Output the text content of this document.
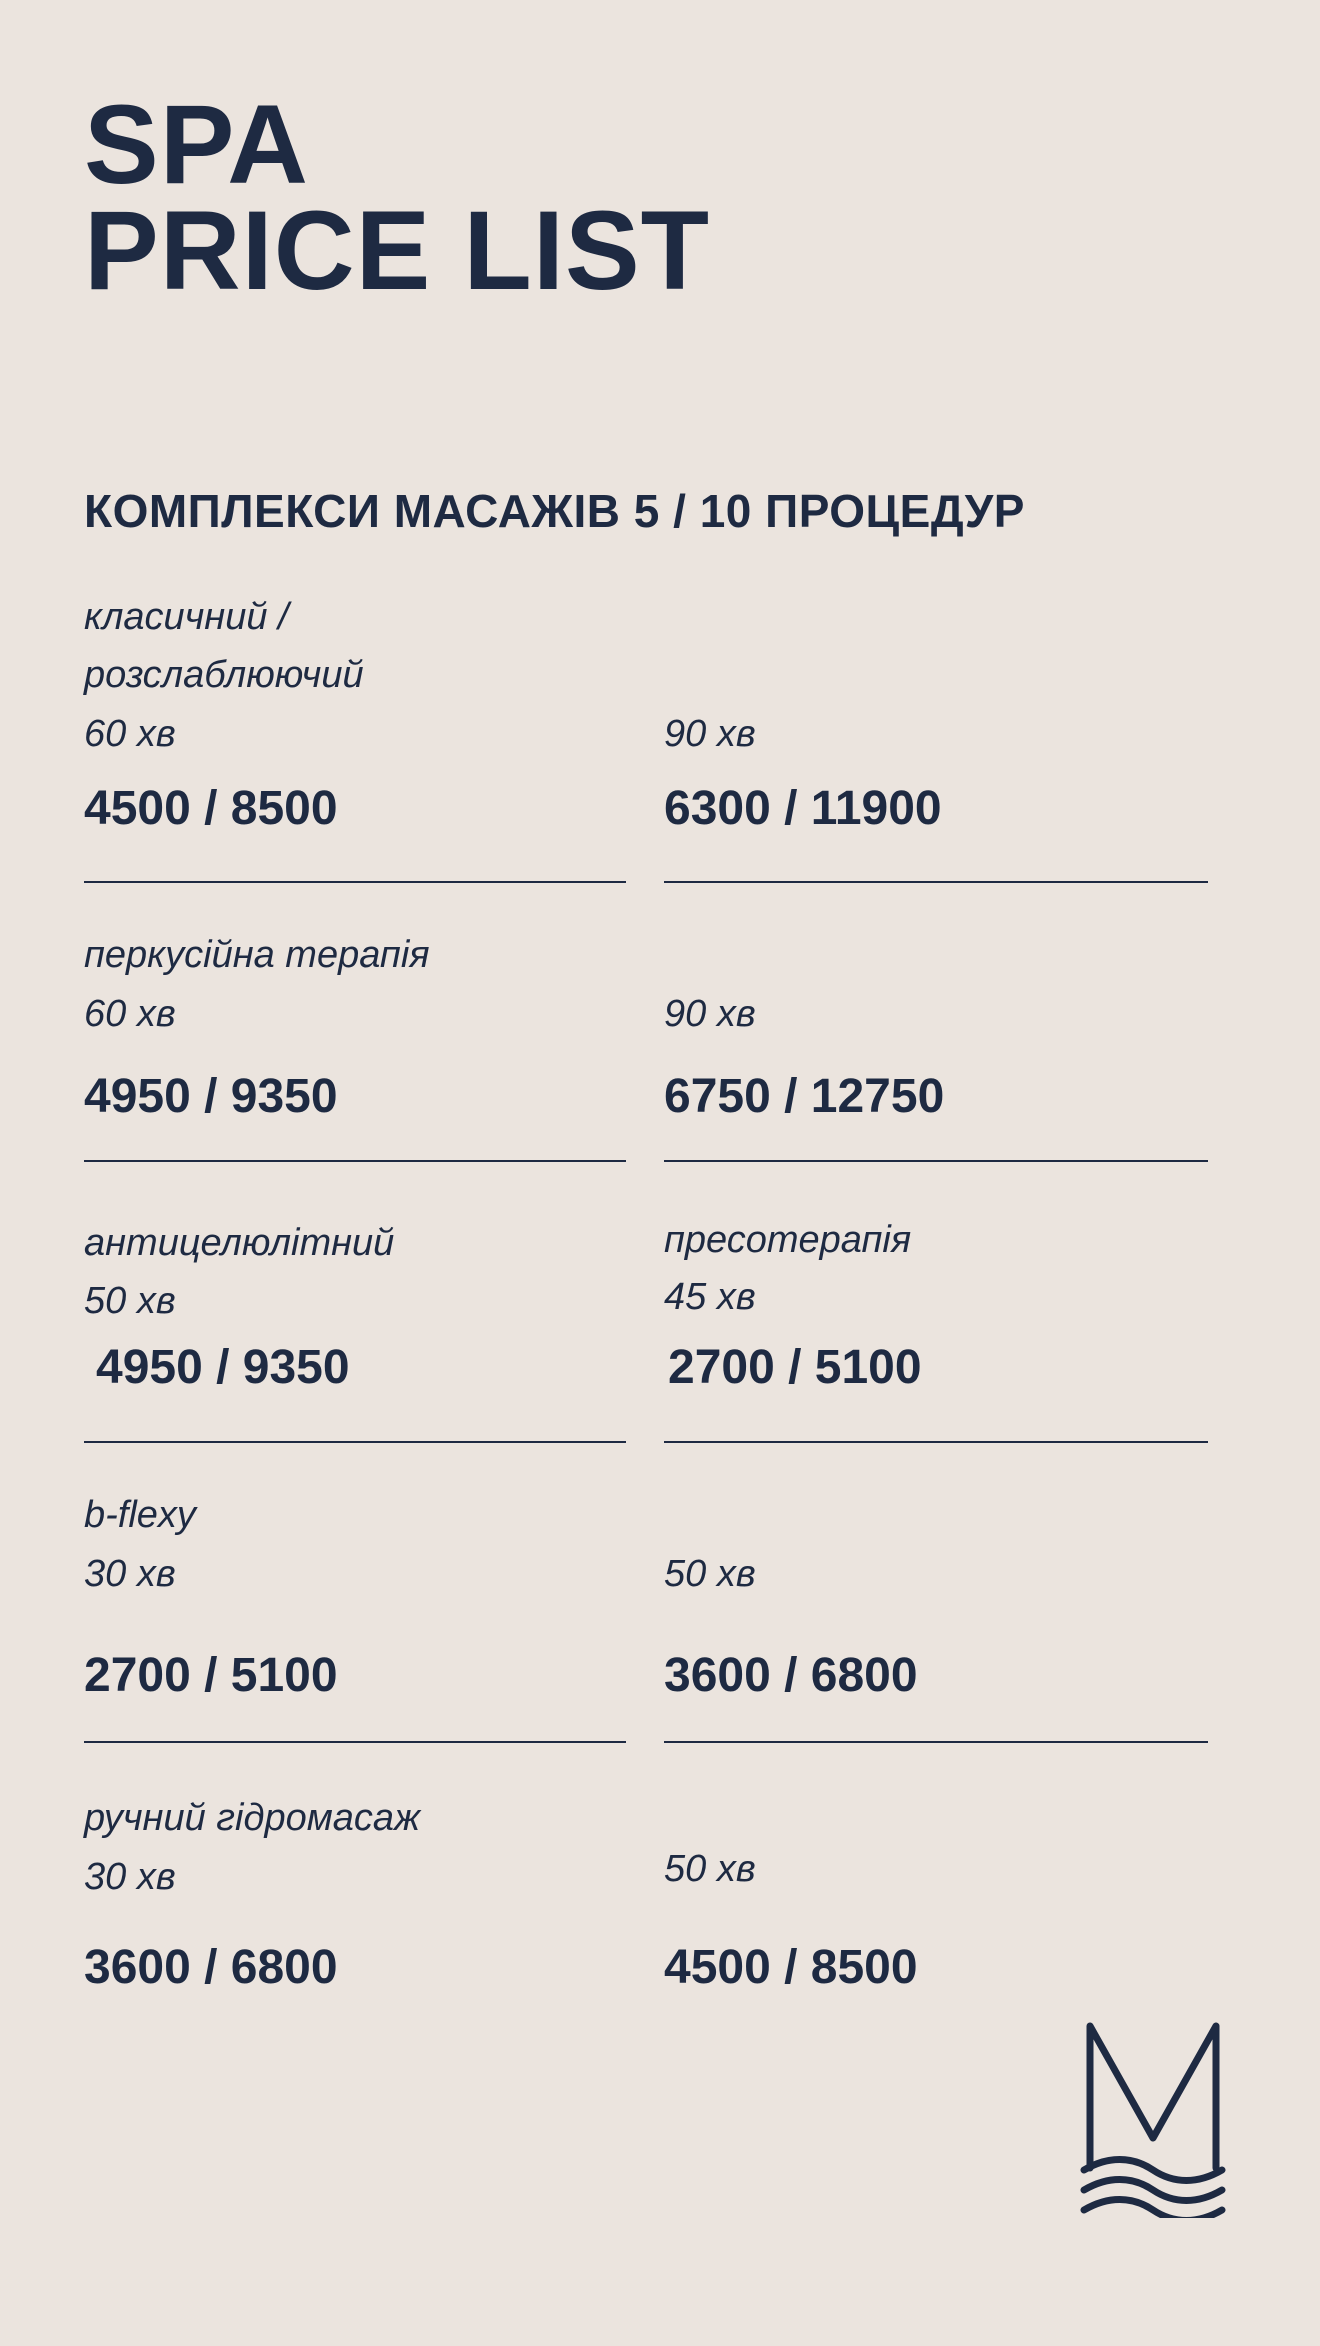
SPA
PRICE LIST
КОМПЛЕКСИ МАСАЖІВ 5 / 10 ПРОЦЕДУР
класичний /
розслаблюючий
60 хв	90 хв
4500 / 8500	6300 / 11900
перкусійна терапія
60 хв	90 хв
4950 / 9350	6750 / 12750
антицелюлітний	пресотерапія
50 хв	45 хв
4950 / 9350	2700 / 5100
b-flexy
30 хв	50 хв
2700 / 5100	3600 / 6800
ручний гідромасаж
30 хв	50 хв
3600 / 6800	4500 / 8500
